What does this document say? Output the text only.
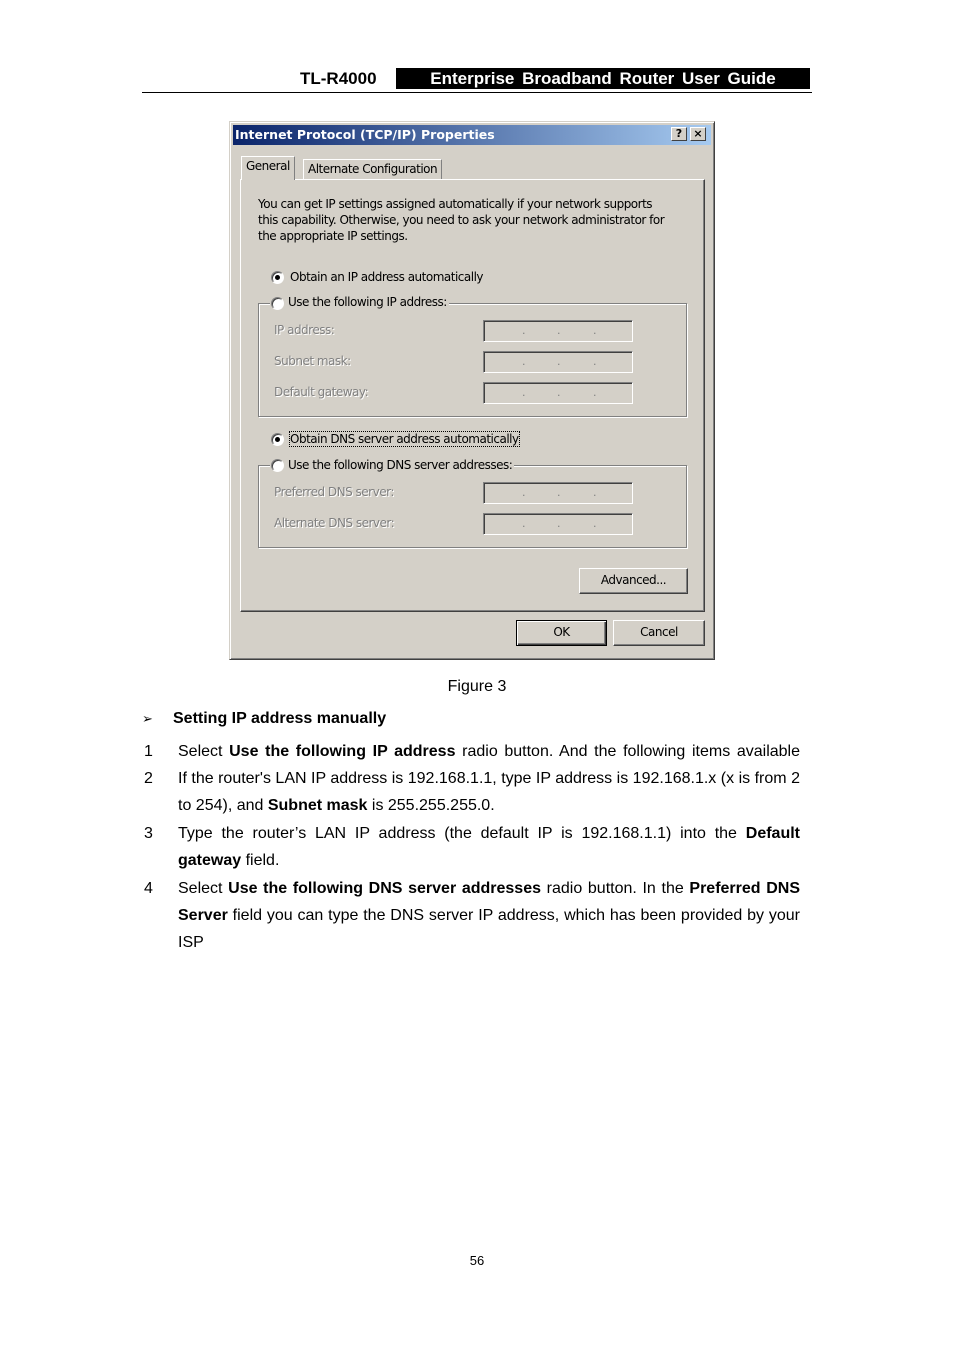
TL-R4000	Enterprise Broadband Router User Guide
Internet Protocol (TCP/IP) Properties	?	×
General	Alternate Configuration
You can get IP settings assigned automatically if your network supports
this capability. Otherwise, you need to ask your network administrator for
the appropriate IP settings.
Obtain an IP address automatically
Use the following IP address:
IP address:	.	.	.
Subnet mask:	.	.	.
Default gateway:	.	.	.
Obtain DNS server address automatically
Use the following DNS server addresses:
Preferred DNS server:	.	.	.
Alternate DNS server:	.	.	.
Advanced...
OK	Cancel
Figure 3
➢ Setting IP address manually
1 Select Use the following IP address radio button. And the following items available
2 If the router's LAN IP address is 192.168.1.1, type IP address is 192.168.1.x (x is from 2 to 254), and Subnet mask is 255.255.255.0.
3 Type the router’s LAN IP address (the default IP is 192.168.1.1) into the Default gateway field.
4 Select Use the following DNS server addresses radio button. In the Preferred DNS Server field you can type the DNS server IP address, which has been provided by your ISP
56
